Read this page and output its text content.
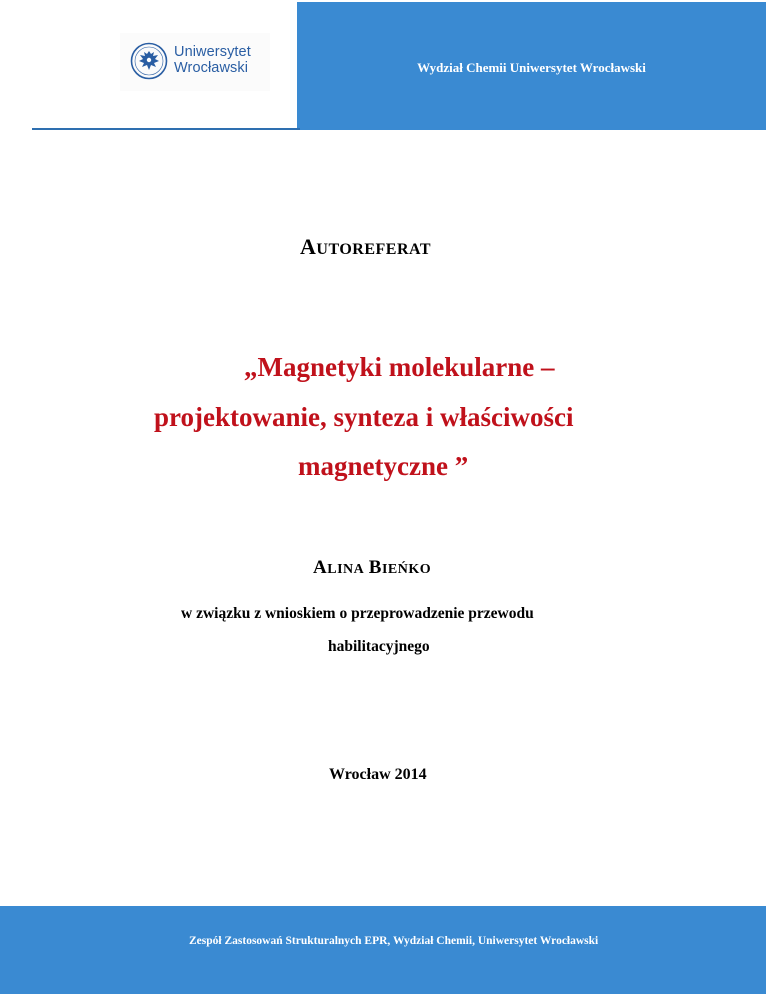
Uniwersytet
Wrocławski	Wydział Chemii Uniwersytet Wrocławski
AUTOREFERAT
„Magnetyki molekularne –
projektowanie, synteza i właściwości
magnetyczne ”
ALINA BIEŃKO
w związku z wnioskiem o przeprowadzenie przewodu
habilitacyjnego
Wrocław 2014
Zespół Zastosowań Strukturalnych EPR, Wydział Chemii, Uniwersytet Wrocławski
